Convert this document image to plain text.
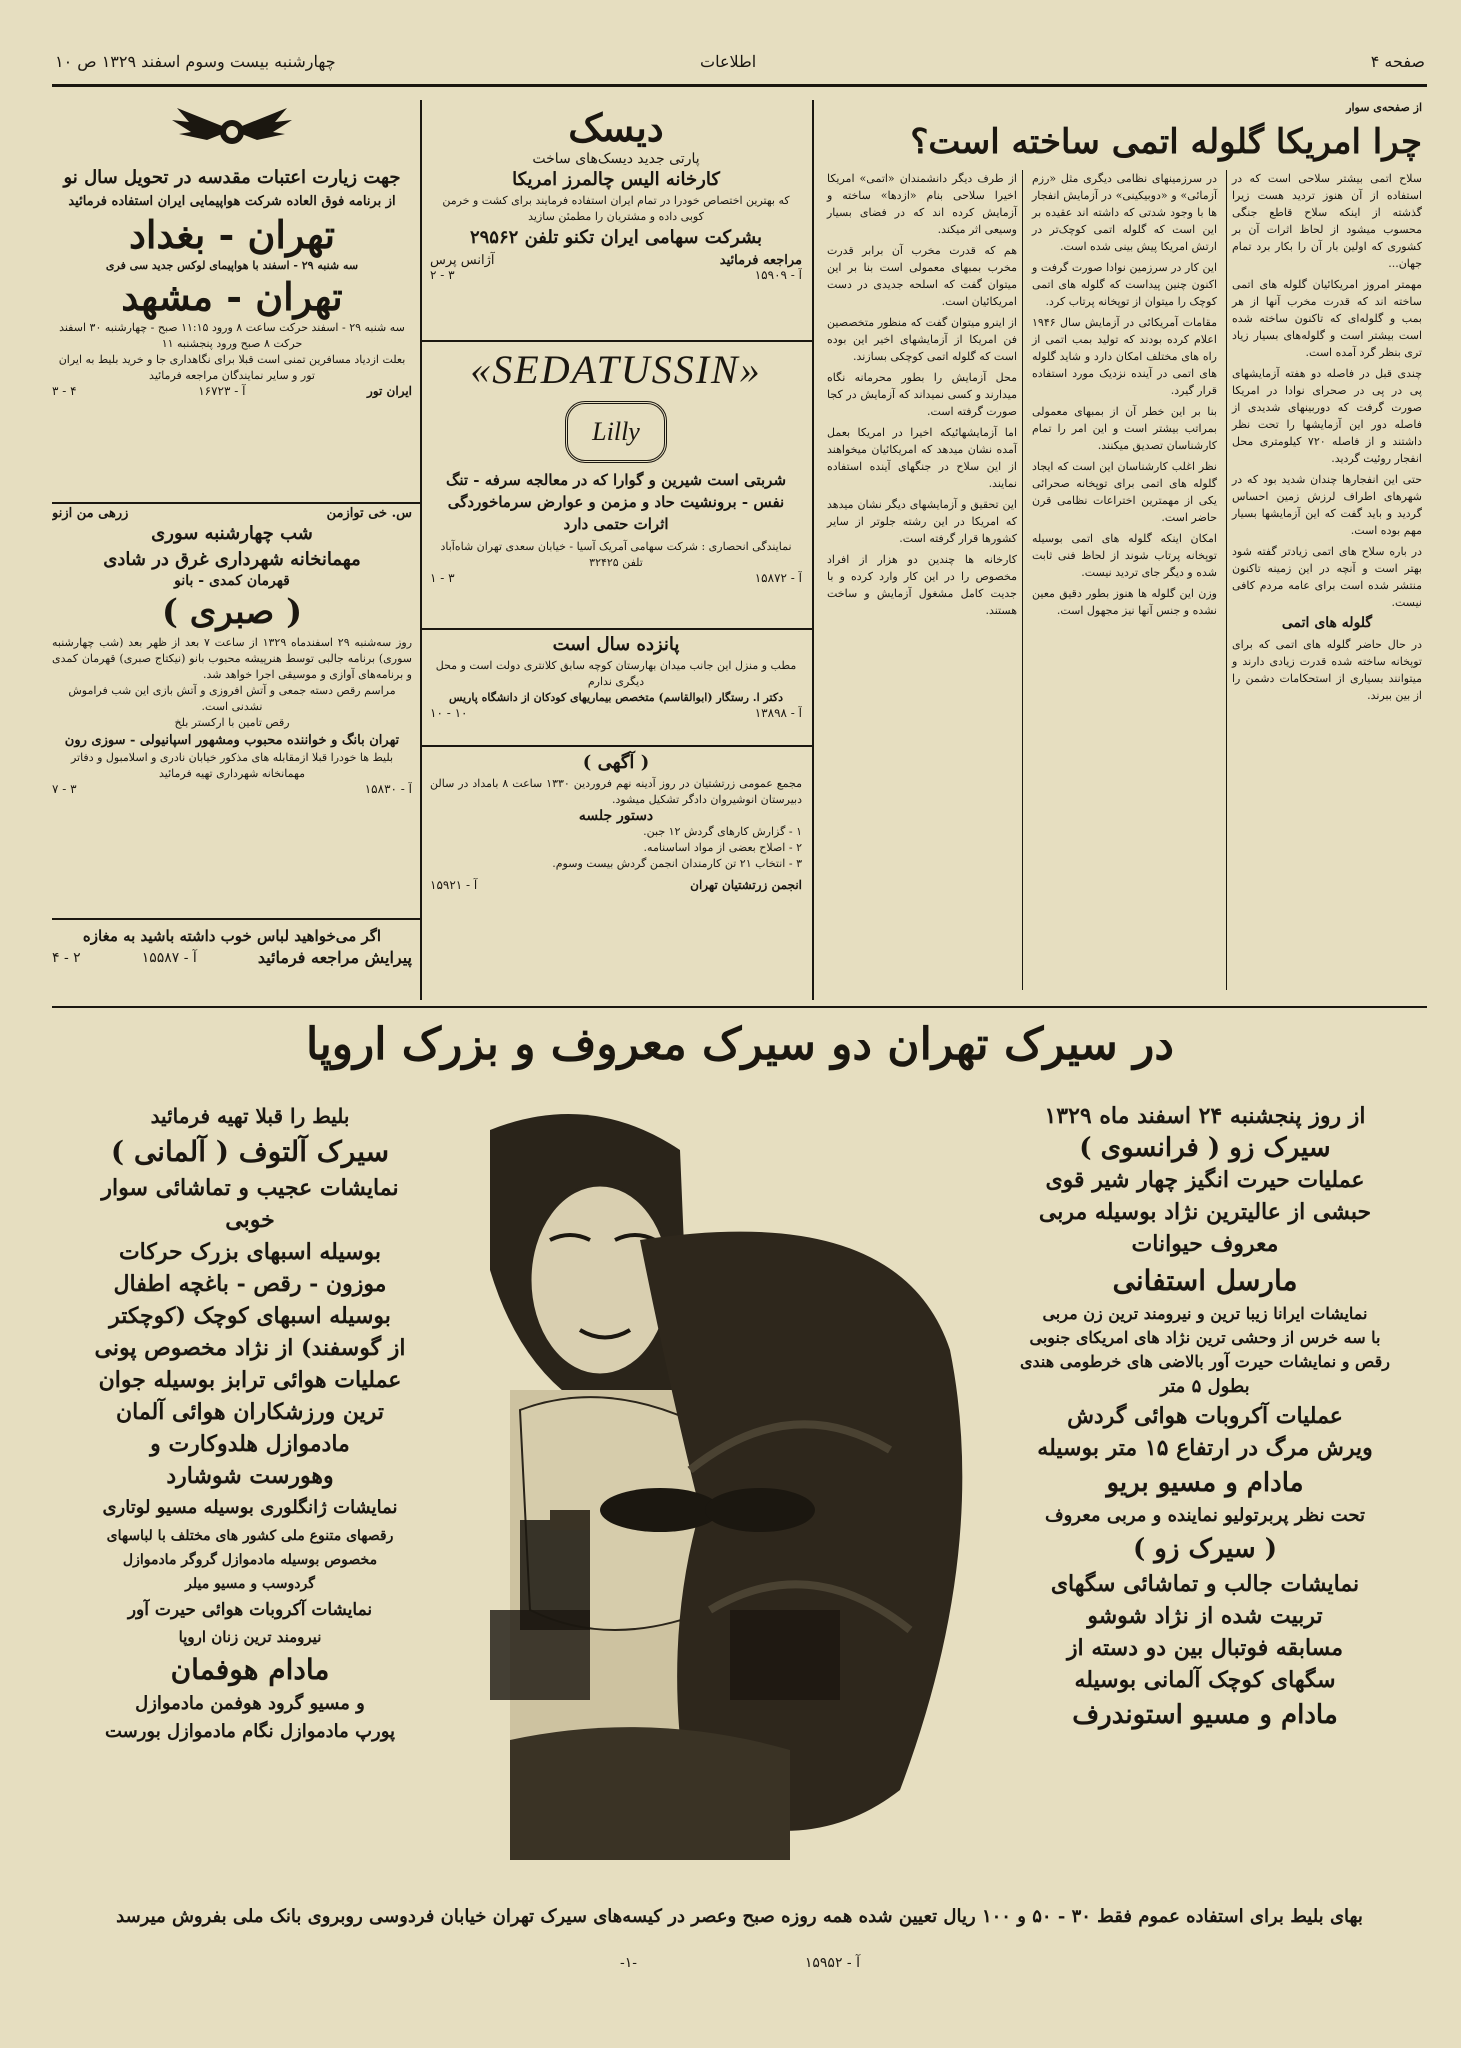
صفحه ۴
اطلاعات
چهارشنبه بیست وسوم اسفند ۱۳۲۹ ص ۱۰
از صفحه‌ی سوار
چرا امریکا گلوله اتمی ساخته است؟

سلاح اتمی بیشتر سلاحی است که در استفاده از آن هنوز تردید هست زیرا گذشته از اینکه سلاح قاطع جنگی محسوب میشود از لحاظ اثرات آن بر کشوری که اولین بار آن را بکار برد تمام جهان...

مهمتر امروز امریکائیان گلوله های اتمی ساخته اند که قدرت مخرب آنها از هر بمب و گلوله‌ای که تاکنون ساخته شده است بیشتر است و گلوله‌های بسیار زیاد تری بنظر گرد آمده است.

چندی قبل در فاصله دو هفته آزمایشهای پی در پی در صحرای نوادا در امریکا صورت گرفت که دوربینهای شدیدی از فاصله دور این آزمایشها را تحت نظر داشتند و از فاصله ۷۲۰ کیلومتری محل انفجار روئیت گردید.

حتی این انفجارها چندان شدید بود که در شهرهای اطراف لرزش زمین احساس گردید و باید گفت که این آزمایشها بسیار مهم بوده است.

در باره سلاح های اتمی زیادتر گفته شود بهتر است و آنچه در این زمینه تاکنون منتشر شده است برای عامه مردم کافی نیست.

گلوله های اتمی

در حال حاضر گلوله های اتمی که برای توپخانه ساخته شده قدرت زیادی دارند و میتوانند بسیاری از استحکامات دشمن را از بین ببرند.

در سرزمینهای نظامی دیگری مثل «رزم آزمائی» و «دوبیکینی» در آزمایش انفجار ها با وجود شدتی که داشته اند عقیده بر این است که گلوله اتمی کوچک‌تر در ارتش امریکا پیش بینی شده است.

این کار در سرزمین نوادا صورت گرفت و اکنون چنین پیداست که گلوله های اتمی کوچک را میتوان از توپخانه پرتاب کرد.

مقامات آمریکائی در آزمایش سال ۱۹۴۶ اعلام کرده بودند که تولید بمب اتمی از راه های مختلف امکان دارد و شاید گلوله های اتمی در آینده نزدیک مورد استفاده قرار گیرد.

بنا بر این خطر آن از بمبهای معمولی بمراتب بیشتر است و این امر را تمام کارشناسان تصدیق میکنند.

نظر اغلب کارشناسان این است که ایجاد گلوله های اتمی برای توپخانه صحرائی یکی از مهمترین اختراعات نظامی قرن حاضر است.

امکان اینکه گلوله های اتمی بوسیله توپخانه پرتاب شوند از لحاظ فنی ثابت شده و دیگر جای تردید نیست.

وزن این گلوله ها هنوز بطور دقیق معین نشده و جنس آنها نیز مجهول است.

از طرف دیگر دانشمندان «اتمی» امریکا اخیرا سلاحی بنام «ازدها» ساخته و آزمایش کرده اند که در فضای بسیار وسیعی اثر میکند.

هم که قدرت مخرب آن برابر قدرت مخرب بمبهای معمولی است بنا بر این میتوان گفت که اسلحه جدیدی در دست امریکائیان است.

از اینرو میتوان گفت که منظور متخصصین فن امریکا از آزمایشهای اخیر این بوده است که گلوله اتمی کوچکی بسازند.

محل آزمایش را بطور محرمانه نگاه میدارند و کسی نمیداند که آزمایش در کجا صورت گرفته است.

اما آزمایشهائیکه اخیرا در امریکا بعمل آمده نشان میدهد که امریکائیان میخواهند از این سلاح در جنگهای آینده استفاده نمایند.

این تحقیق و آزمایشهای دیگر نشان میدهد که امریکا در این رشته جلوتر از سایر کشورها قرار گرفته است.

کارخانه ها چندین دو هزار از افراد مخصوص را در این کار وارد کرده و با جدیت کامل مشغول آزمایش و ساخت هستند.

دیسک
پارتی جدید دیسک‌های ساخت
کارخانه الیس چالمرز امریکا
که بهترین اختصاص خودرا در تمام ایران استفاده فرمایند برای کشت و خرمن کوبی داده و مشتریان را مطمئن سازید
بشرکت سهامی ایران تکنو تلفن ۲۹۵۶۲
مراجعه فرمائید
آژانس پرس
آ - ۱۵۹۰۹
۳ - ۲
«SEDATUSSIN»
Lilly
شربتی است شیرین و گوارا که در معالجه سرفه - تنگ نفس - برونشیت حاد و مزمن و عوارض سرماخوردگی اثرات حتمی دارد
نمایندگی انحصاری : شرکت سهامی آمریک آسیا - خیابان سعدی تهران شاه‌آباد تلفن ۳۲۴۲۵
آ - ۱۵۸۷۲
۳ - ۱
پانزده سال است
مطب و منزل این جانب میدان بهارستان کوچه سابق کلانتری دولت است و محل دیگری ندارم
دکتر ا. رستگار (ابوالقاسم) متخصص بیماریهای کودکان از دانشگاه پاریس
آ - ۱۳۸۹۸
۱۰ - ۱۰
( آگهی )
مجمع عمومی زرتشتیان در روز آدینه نهم فروردین ۱۳۳۰ ساعت ۸ بامداد در سالن دبیرستان انوشیروان دادگر تشکیل میشود.
دستور جلسه
۱ - گزارش کارهای گردش ۱۲ جبن.
۲ - اصلاح بعضی از مواد اساسنامه.
۳ - انتخاب ۲۱ تن کارمندان انجمن گردش بیست وسوم.
انجمن زرتشتیان تهران
آ - ۱۵۹۲۱
جهت زیارت اعتبات مقدسه در تحویل سال نو
از برنامه فوق العاده شرکت هواپیمایی ایران استفاده فرمائید
تهران - بغداد
سه شنبه ۲۹ - اسفند با هواپیمای لوکس جدید سی فری
تهران - مشهد
سه شنبه ۲۹ - اسفند حرکت ساعت ۸ ورود ۱۱:۱۵ صبح - چهارشنبه ۳۰ اسفند حرکت ۸ صبح ورود پنجشنبه ۱۱
بعلت ازدیاد مسافرین تمنی است قبلا برای نگاهداری جا و خرید بلیط به ایران تور و سایر نمایندگان مراجعه فرمائید
ایران تور
آ - ۱۶۷۲۳
۴ - ۳
س. خی توازمن
زرهی من ازنو
شب چهارشنبه سوری
مهمانخانه شهرداری غرق در شادی
قهرمان کمدی - بانو
( صبری )
روز سه‌شنبه ۲۹ اسفندماه ۱۳۲۹ از ساعت ۷ بعد از ظهر بعد (شب چهارشنبه سوری) برنامه جالبی توسط هنرپیشه محبوب بانو (نیکتاج صبری) قهرمان کمدی و برنامه‌های آوازی و موسیقی اجرا خواهد شد.
مراسم رقص دسته جمعی و آتش افروزی و آتش بازی این شب فراموش نشدنی است.
رقص تامین با ارکستر بلخ
تهران بانگ و خواننده محبوب ومشهور اسپانیولی - سوزی رون
بلیط ها خودرا قبلا ازمقابله های مذکور خیابان نادری و اسلامبول و دفاتر مهمانخانه شهرداری تهیه فرمائید
آ - ۱۵۸۳۰
۳ - ۷
اگر می‌خواهید لباس خوب داشته باشید به مغازه
پیرایش مراجعه فرمائید
آ - ۱۵۵۸۷
۲ - ۴
در سیرک تهران دو سیرک معروف و بزرک اروپا
از روز پنجشنبه ۲۴ اسفند ماه ۱۳۲۹
سیرک زو ( فرانسوی )
عملیات حیرت انگیز چهار شیر قوی
حبشی از عالیترین نژاد بوسیله مربی
معروف حیوانات
مارسل استفانی
نمایشات ایرانا زیبا ترین و نیرومند ترین زن مربی
با سه خرس از وحشی ترین نژاد های امریکای جنوبی
رقص و نمایشات حیرت آور بالاضی های خرطومی هندی
بطول ۵ متر
عملیات آکروبات هوائی گردش
ویرش مرگ در ارتفاع ۱۵ متر بوسیله
مادام و مسیو بریو
تحت نظر پربرتولیو نماینده و مربی معروف
( سیرک زو )
نمایشات جالب و تماشائی سگهای
تربیت شده از نژاد شوشو
مسابقه فوتبال بین دو دسته از
سگهای کوچک آلمانی بوسیله
مادام و مسیو استوندرف
بلیط را قبلا تهیه فرمائید
سیرک آلتوف ( آلمانی )
نمایشات عجیب و تماشائی سوار خوبی
بوسیله اسبهای بزرک حرکات
موزون - رقص - باغچه اطفال
بوسیله اسبهای کوچک (کوچکتر
از گوسفند) از نژاد مخصوص پونی
عملیات هوائی ترابز بوسیله جوان
ترین ورزشکاران هوائی آلمان
مادموازل هلدوکارت و
وهورست شوشارد
نمایشات ژانگلوری بوسیله مسیو لوتاری
رقصهای متنوع ملی کشور های مختلف با لباسهای
مخصوص بوسیله مادموازل گروگر مادموازل
گردوسب و مسیو میلر
نمایشات آکروبات هوائی حیرت آور
نیرومند ترین زنان اروپا
مادام هوفمان
و مسیو گرود هوفمن مادموازل
پورپ مادموازل نگام مادموازل بورست
بهای بلیط برای استفاده عموم فقط ۳۰ - ۵۰ و ۱۰۰ ریال تعیین شده همه روزه صبح وعصر در کیسه‌های سیرک تهران خیابان فردوسی روبروی بانک ملی بفروش میرسد
آ - ۱۵۹۵۲
-۱-
